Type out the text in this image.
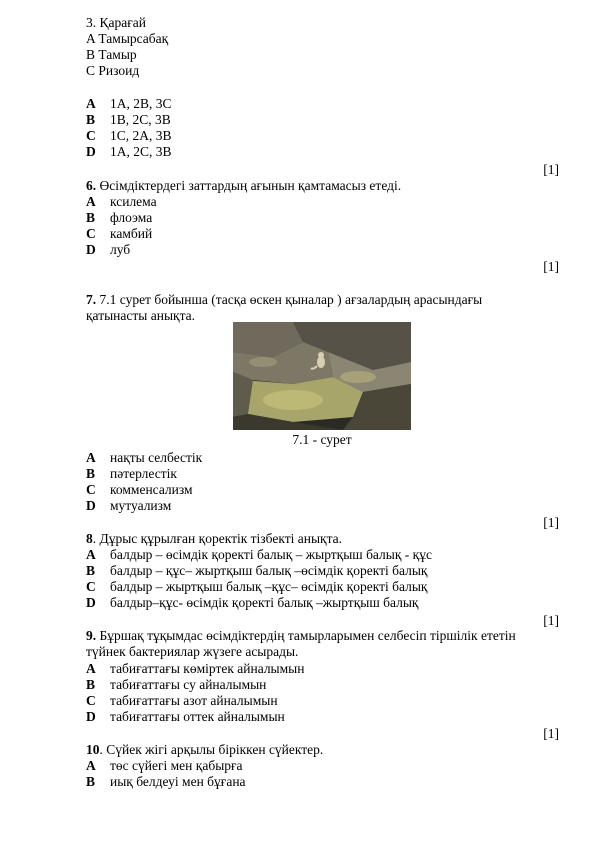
3. Қарағай
A Тамырсабақ
B Тамыр
C Ризоид
A 1A, 2B, 3C
B 1B, 2C, 3B
C 1C, 2A, 3B
D 1A, 2C, 3B
[1]
6. Өсімдіктердегі заттардың ағынын қамтамасыз етеді.
A ксилема
B флоэма
C камбий
D луб
[1]
7. 7.1 сурет бойынша (тасқа өскен қыналар ) ағзалардың арасындағы
қатынасты анықта.
7.1 - сурет
A нақты селбестік
B пәтерлестік
C комменсализм
D мутуализм
[1]
8. Дұрыс құрылған қоректік тізбекті анықта.
A балдыр – өсімдік қоректі балық – жыртқыш балық - құс
B балдыр – құс– жыртқыш балық –өсімдік қоректі балық
C балдыр – жыртқыш балық –құс– өсімдік қоректі балық
D балдыр–құс- өсімдік қоректі балық –жыртқыш балық
[1]
9. Бұршақ тұқымдас өсімдіктердің тамырларымен селбесіп тіршілік ететін
түйнек бактериялар жүзеге асырады.
A табиғаттағы көміртек айналымын
B табиғаттағы су айналымын
C табиғаттағы азот айналымын
D табиғаттағы оттек айналымын
[1]
10. Сүйек жігі арқылы біріккен сүйектер.
A төс сүйегі мен қабырға
B иық белдеуі мен бұғана
